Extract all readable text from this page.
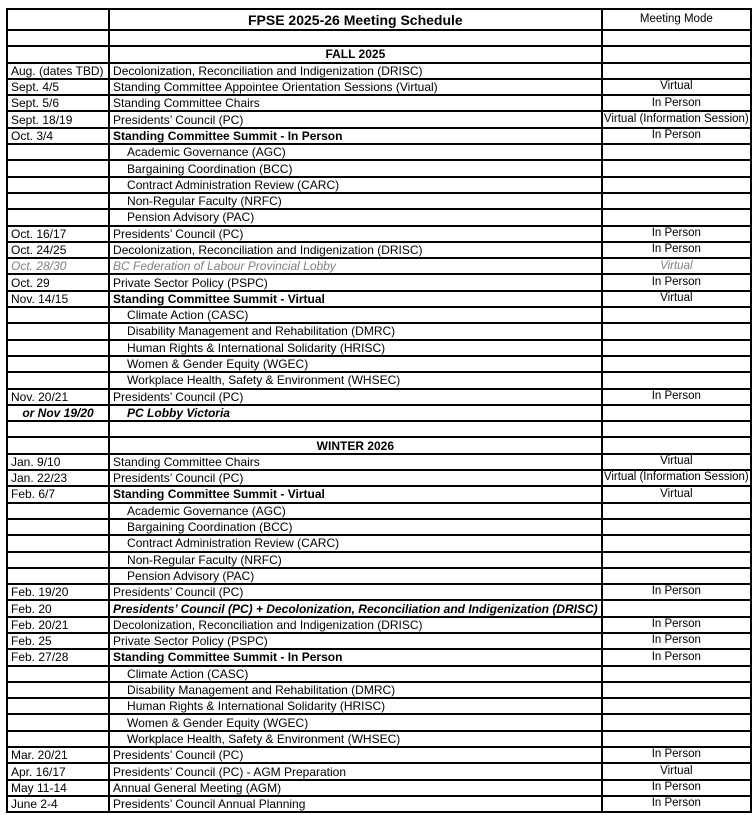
	FPSE 2025-26 Meeting Schedule	Meeting Mode

	FALL 2025	
Aug. (dates TBD)	Decolonization, Reconciliation and Indigenization (DRISC)	
Sept. 4/5	Standing Committee Appointee Orientation Sessions (Virtual)	Virtual
Sept. 5/6	Standing Committee Chairs	In Person
Sept. 18/19	Presidents’ Council (PC)	Virtual (Information Session)
Oct. 3/4	Standing Committee Summit - In Person	In Person
	Academic Governance (AGC)	
	Bargaining Coordination (BCC)	
	Contract Administration Review (CARC)	
	Non-Regular Faculty (NRFC)	
	Pension Advisory (PAC)	
Oct. 16/17	Presidents’ Council (PC)	In Person
Oct. 24/25	Decolonization, Reconciliation and Indigenization (DRISC)	In Person
Oct. 28/30	BC Federation of Labour Provincial Lobby	Virtual
Oct. 29	Private Sector Policy (PSPC)	In Person
Nov. 14/15	Standing Committee Summit - Virtual	Virtual
	Climate Action (CASC)	
	Disability Management and Rehabilitation (DMRC)	
	Human Rights & International Solidarity (HRISC)	
	Women & Gender Equity (WGEC)	
	Workplace Health, Safety & Environment (WHSEC)	
Nov. 20/21	Presidents’ Council (PC)	In Person
or Nov 19/20	PC Lobby Victoria	

	WINTER 2026	
Jan. 9/10	Standing Committee Chairs	Virtual
Jan. 22/23	Presidents’ Council (PC)	Virtual (Information Session)
Feb. 6/7	Standing Committee Summit - Virtual	Virtual
	Academic Governance (AGC)	
	Bargaining Coordination (BCC)	
	Contract Administration Review (CARC)	
	Non-Regular Faculty (NRFC)	
	Pension Advisory (PAC)	
Feb. 19/20	Presidents’ Council (PC)	In Person
Feb. 20	Presidents’ Council (PC) + Decolonization, Reconciliation and Indigenization (DRISC)	
Feb. 20/21	Decolonization, Reconciliation and Indigenization (DRISC)	In Person
Feb. 25	Private Sector Policy (PSPC)	In Person
Feb. 27/28	Standing Committee Summit - In Person	In Person
	Climate Action (CASC)	
	Disability Management and Rehabilitation (DMRC)	
	Human Rights & International Solidarity (HRISC)	
	Women & Gender Equity (WGEC)	
	Workplace Health, Safety & Environment (WHSEC)	
Mar. 20/21	Presidents’ Council (PC)	In Person
Apr. 16/17	Presidents’ Council (PC) - AGM Preparation	Virtual
May 11-14	Annual General Meeting (AGM)	In Person
June 2-4	Presidents’ Council Annual Planning	In Person
